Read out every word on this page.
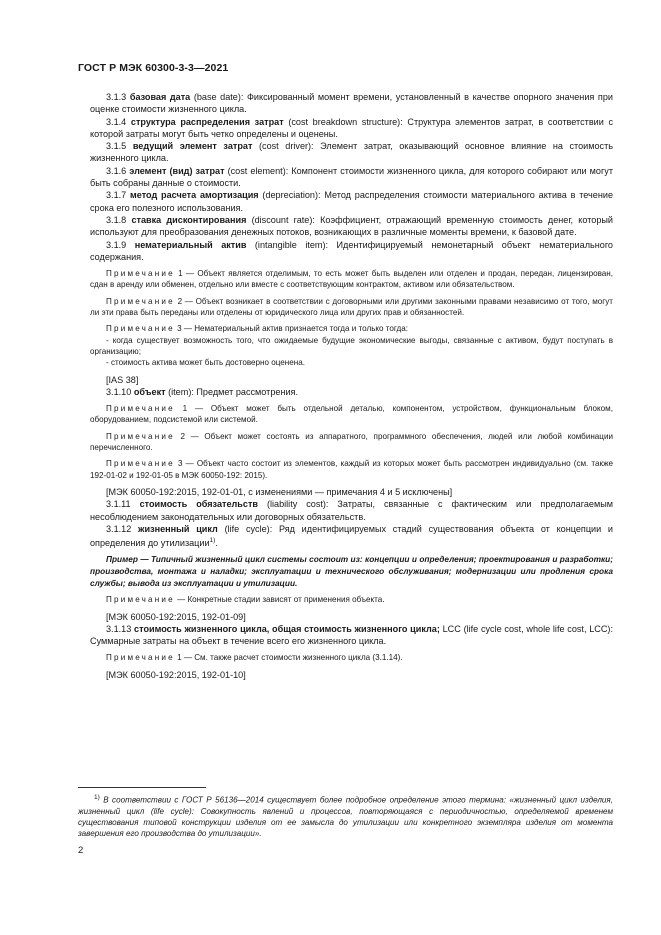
ГОСТ Р МЭК 60300-3-3—2021

3.1.3 базовая дата (base date): Фиксированный момент времени, установленный в качестве опорного значения при оценке стоимости жизненного цикла.

3.1.4 структура распределения затрат (cost breakdown structure): Структура элементов затрат, в соответствии с которой затраты могут быть четко определены и оценены.

3.1.5 ведущий элемент затрат (cost driver): Элемент затрат, оказывающий основное влияние на стоимость жизненного цикла.

3.1.6 элемент (вид) затрат (cost element): Компонент стоимости жизненного цикла, для которого собирают или могут быть собраны данные о стоимости.

3.1.7 метод расчета амортизация (depreciation): Метод распределения стоимости материального актива в течение срока его полезного использования.

3.1.8 ставка дисконтирования (discount rate): Коэффициент, отражающий временную стоимость денег, который используют для преобразования денежных потоков, возникающих в различные моменты времени, к базовой дате.

3.1.9 нематериальный актив (intangible item): Идентифицируемый немонетарный объект нематериального содержания.

Примечание 1 — Объект является отделимым, то есть может быть выделен или отделен и продан, передан, лицензирован, сдан в аренду или обменен, отдельно или вместе с соответствующим контрактом, активом или обязательством.

Примечание 2 — Объект возникает в соответствии с договорными или другими законными правами независимо от того, могут ли эти права быть переданы или отделены от юридического лица или других прав и обязанностей.

Примечание 3 — Нематериальный актив признается тогда и только тогда:

- когда существует возможность того, что ожидаемые будущие экономические выгоды, связанные с активом, будут поступать в организацию;

- стоимость актива может быть достоверно оценена.

[IAS 38]

3.1.10 объект (item): Предмет рассмотрения.

Примечание 1 — Объект может быть отдельной деталью, компонентом, устройством, функциональным блоком, оборудованием, подсистемой или системой.

Примечание 2 — Объект может состоять из аппаратного, программного обеспечения, людей или любой комбинации перечисленного.

Примечание 3 — Объект часто состоит из элементов, каждый из которых может быть рассмотрен индивидуально (см. также 192-01-02 и 192-01-05 в МЭК 60050-192: 2015).

[МЭК 60050-192:2015, 192-01-01, с изменениями — примечания 4 и 5 исключены]

3.1.11 стоимость обязательств (liability cost): Затраты, связанные с фактическим или предполагаемым несоблюдением законодательных или договорных обязательств.

3.1.12 жизненный цикл (life cycle): Ряд идентифицируемых стадий существования объекта от концепции и определения до утилизации$^{1)}$.

Пример — Типичный жизненный цикл системы состоит из: концепции и определения; проектирования и разработки; производства, монтажа и наладки; эксплуатации и технического обслуживания; модернизации или продления срока службы; вывода из эксплуатации и утилизации.

Примечание — Конкретные стадии зависят от применения объекта.

[МЭК 60050-192:2015, 192-01-09]

3.1.13 стоимость жизненного цикла, общая стоимость жизненного цикла; LCC (life cycle cost, whole life cost, LCC): Суммарные затраты на объект в течение всего его жизненного цикла.

Примечание 1 — См. также расчет стоимости жизненного цикла (3.1.14).

[МЭК 60050-192:2015, 192-01-10]

$^{1)}$ В соответствии с ГОСТ Р 56136—2014 существует более подробное определение этого термина: «жизненный цикл изделия, жизненный цикл (life cycle): Совокупность явлений и процессов, повторяющаяся с периодичностью, определяемой временем существования типовой конструкции изделия от ее замысла до утилизации или конкретного экземпляра изделия от момента завершения его производства до утилизации».

2
